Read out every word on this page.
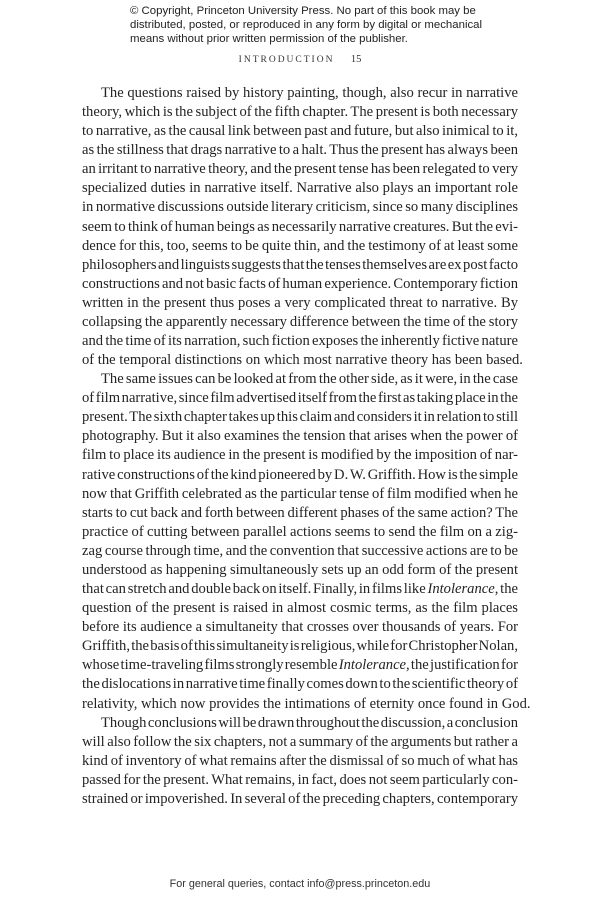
© Copyright, Princeton University Press. No part of this book may be
distributed, posted, or reproduced in any form by digital or mechanical
means without prior written permission of the publisher.
INTRODUCTION 15
The questions raised by history painting, though, also recur in narrative
theory, which is the subject of the fifth chapter. The present is both necessary
to narrative, as the causal link between past and future, but also inimical to it,
as the stillness that drags narrative to a halt. Thus the present has always been
an irritant to narrative theory, and the present tense has been relegated to very
specialized duties in narrative itself. Narrative also plays an important role
in normative discussions outside literary criticism, since so many disciplines
seem to think of human beings as necessarily narrative creatures. But the evi-
dence for this, too, seems to be quite thin, and the testimony of at least some
philosophers and linguists suggests that the tenses themselves are ex post facto
constructions and not basic facts of human experience. Contemporary fiction
written in the present thus poses a very complicated threat to narrative. By
collapsing the apparently necessary difference between the time of the story
and the time of its narration, such fiction exposes the inherently fictive nature
of the temporal distinctions on which most narrative theory has been based.
The same issues can be looked at from the other side, as it were, in the case
of film narrative, since film advertised itself from the first as taking place in the
present. The sixth chapter takes up this claim and considers it in relation to still
photography. But it also examines the tension that arises when the power of
film to place its audience in the present is modified by the imposition of nar-
rative constructions of the kind pioneered by D. W. Griffith. How is the simple
now that Griffith celebrated as the particular tense of film modified when he
starts to cut back and forth between different phases of the same action? The
practice of cutting between parallel actions seems to send the film on a zig-
zag course through time, and the convention that successive actions are to be
understood as happening simultaneously sets up an odd form of the present
that can stretch and double back on itself. Finally, in films like Intolerance, the
question of the present is raised in almost cosmic terms, as the film places
before its audience a simultaneity that crosses over thousands of years. For
Griffith, the basis of this simultaneity is religious, while for Christopher Nolan,
whose time-traveling films strongly resemble Intolerance, the justification for
the dislocations in narrative time finally comes down to the scientific theory of
relativity, which now provides the intimations of eternity once found in God.
Though conclusions will be drawn throughout the discussion, a conclusion
will also follow the six chapters, not a summary of the arguments but rather a
kind of inventory of what remains after the dismissal of so much of what has
passed for the present. What remains, in fact, does not seem particularly con-
strained or impoverished. In several of the preceding chapters, contemporary
For general queries, contact info@press.princeton.edu
